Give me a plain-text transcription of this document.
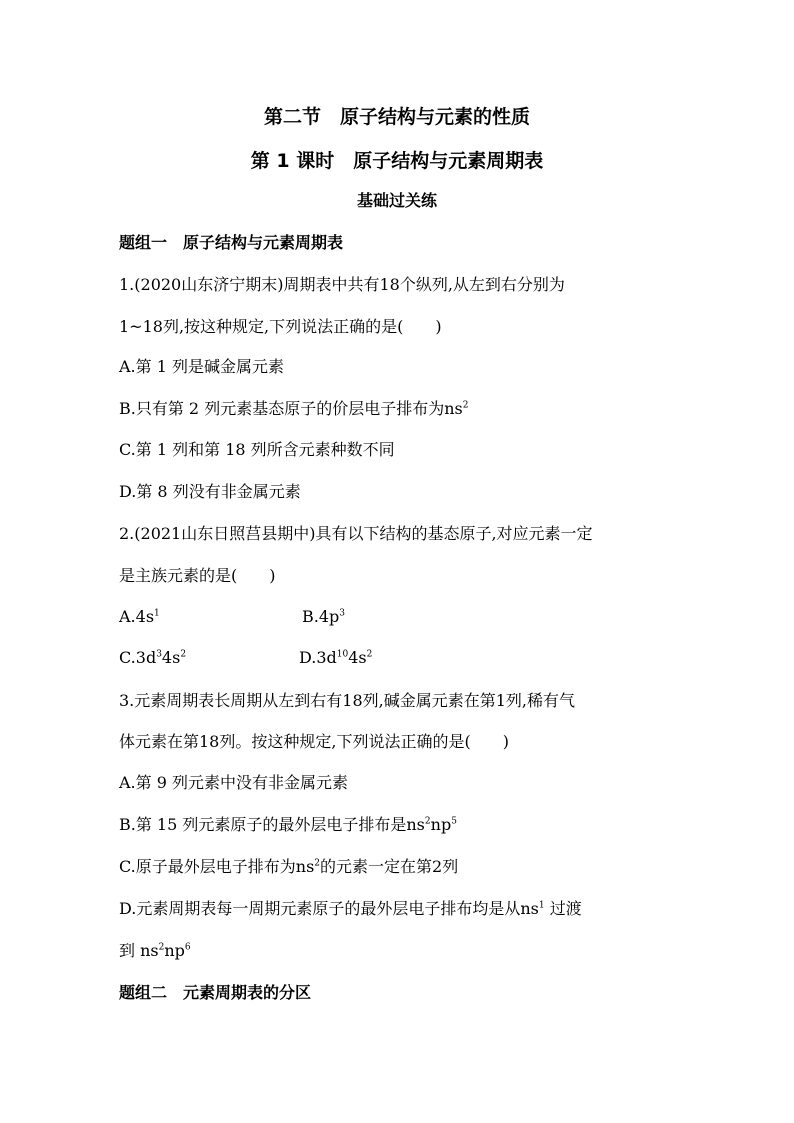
第二节　原子结构与元素的性质
第 1 课时　原子结构与元素周期表
基础过关练
题组一　原子结构与元素周期表
1.(2020山东济宁期末)周期表中共有18个纵列,从左到右分别为
1~18列,按这种规定,下列说法正确的是(　　)
A.第 1 列是碱金属元素
B.只有第 2 列元素基态原子的价层电子排布为$ns^2$
C.第 1 列和第 18 列所含元素种数不同
D.第 8 列没有非金属元素
2.(2021山东日照莒县期中)具有以下结构的基态原子,对应元素一定
是主族元素的是(　　)
$A.4s^1$	$B.4p^3$
$C.3d^34s^2$	$D.3d^{10}4s^2$
3.元素周期表长周期从左到右有18列,碱金属元素在第1列,稀有气
体元素在第18列。按这种规定,下列说法正确的是(　　)
A.第 9 列元素中没有非金属元素
B.第 15 列元素原子的最外层电子排布是$ns^2np^5$
C.原子最外层电子排布为$ns^2$的元素一定在第2列
D.元素周期表每一周期元素原子的最外层电子排布均是从$ns^1$ 过渡
到 $ns^2np^6$
题组二　元素周期表的分区
